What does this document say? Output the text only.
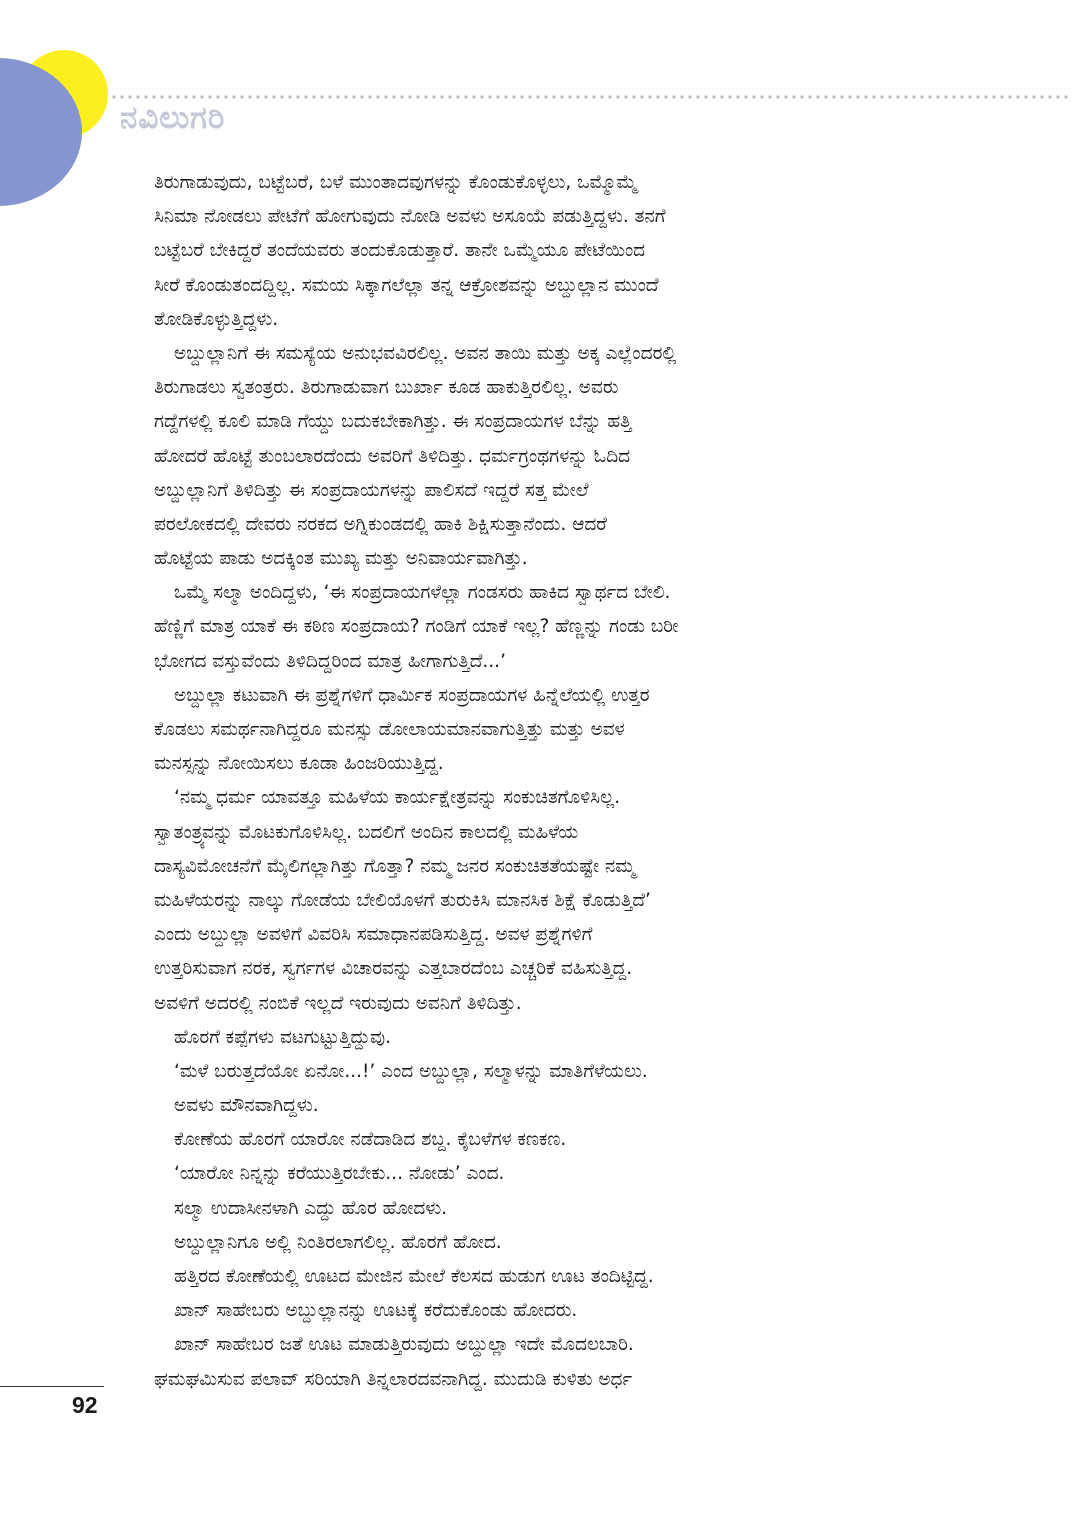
ನವಿಲುಗರಿ
ತಿರುಗಾಡುವುದು, ಬಟ್ಟೆಬರೆ, ಬಳೆ ಮುಂತಾದವುಗಳನ್ನು ಕೊಂಡುಕೊಳ್ಳಲು, ಒಮ್ಮೊಮ್ಮೆ
ಸಿನಿಮಾ ನೋಡಲು ಪೇಟೆಗೆ ಹೋಗುವುದು ನೋಡಿ ಅವಳು ಅಸೂಯೆ ಪಡುತ್ತಿದ್ದಳು. ತನಗೆ
ಬಟ್ಟೆಬರೆ ಬೇಕಿದ್ದರೆ ತಂದೆಯವರು ತಂದುಕೊಡುತ್ತಾರೆ. ತಾನೇ ಒಮ್ಮೆಯೂ ಪೇಟೆಯಿಂದ
ಸೀರೆ ಕೊಂಡುತಂದದ್ದಿಲ್ಲ. ಸಮಯ ಸಿಕ್ಕಾಗಲೆಲ್ಲಾ ತನ್ನ ಆಕ್ರೋಶವನ್ನು ಅಬ್ದುಲ್ಲಾನ ಮುಂದೆ
ತೋಡಿಕೊಳ್ಳುತ್ತಿದ್ದಳು.
ಅಬ್ದುಲ್ಲಾನಿಗೆ ಈ ಸಮಸ್ಯೆಯ ಅನುಭವವಿರಲಿಲ್ಲ. ಅವನ ತಾಯಿ ಮತ್ತು ಅಕ್ಕ ಎಲ್ಲೆಂದರಲ್ಲಿ
ತಿರುಗಾಡಲು ಸ್ವತಂತ್ರರು. ತಿರುಗಾಡುವಾಗ ಬುರ್ಖಾ ಕೂಡ ಹಾಕುತ್ತಿರಲಿಲ್ಲ. ಅವರು
ಗದ್ದೆಗಳಲ್ಲಿ ಕೂಲಿ ಮಾಡಿ ಗೆಯ್ದು ಬದುಕಬೇಕಾಗಿತ್ತು. ಈ ಸಂಪ್ರದಾಯಗಳ ಬೆನ್ನು ಹತ್ತಿ
ಹೋದರೆ ಹೊಟ್ಟೆ ತುಂಬಲಾರದೆಂದು ಅವರಿಗೆ ತಿಳಿದಿತ್ತು. ಧರ್ಮಗ್ರಂಥಗಳನ್ನು ಓದಿದ
ಅಬ್ದುಲ್ಲಾನಿಗೆ ತಿಳಿದಿತ್ತು ಈ ಸಂಪ್ರದಾಯಗಳನ್ನು ಪಾಲಿಸದೆ ಇದ್ದರೆ ಸತ್ತ ಮೇಲೆ
ಪರಲೋಕದಲ್ಲಿ ದೇವರು ನರಕದ ಅಗ್ನಿಕುಂಡದಲ್ಲಿ ಹಾಕಿ ಶಿಕ್ಷಿಸುತ್ತಾನೆಂದು. ಆದರೆ
ಹೊಟ್ಟೆಯ ಪಾಡು ಅದಕ್ಕಿಂತ ಮುಖ್ಯ ಮತ್ತು ಅನಿವಾರ್ಯವಾಗಿತ್ತು.
ಒಮ್ಮೆ ಸಲ್ಮಾ ಅಂದಿದ್ದಳು, ‘ಈ ಸಂಪ್ರದಾಯಗಳೆಲ್ಲಾ ಗಂಡಸರು ಹಾಕಿದ ಸ್ವಾರ್ಥದ ಬೇಲಿ.
ಹೆಣ್ಣಿಗೆ ಮಾತ್ರ ಯಾಕೆ ಈ ಕಠಿಣ ಸಂಪ್ರದಾಯ? ಗಂಡಿಗೆ ಯಾಕೆ ಇಲ್ಲ? ಹೆಣ್ಣನ್ನು ಗಂಡು ಬರೀ
ಭೋಗದ ವಸ್ತುವೆಂದು ತಿಳಿದಿದ್ದರಿಂದ ಮಾತ್ರ ಹೀಗಾಗುತ್ತಿದೆ...’
ಅಬ್ದುಲ್ಲಾ ಕಟುವಾಗಿ ಈ ಪ್ರಶ್ನೆಗಳಿಗೆ ಧಾರ್ಮಿಕ ಸಂಪ್ರದಾಯಗಳ ಹಿನ್ನೆಲೆಯಲ್ಲಿ ಉತ್ತರ
ಕೊಡಲು ಸಮರ್ಥನಾಗಿದ್ದರೂ ಮನಸ್ಸು ಡೋಲಾಯಮಾನವಾಗುತ್ತಿತ್ತು ಮತ್ತು ಅವಳ
ಮನಸ್ಸನ್ನು ನೋಯಿಸಲು ಕೂಡಾ ಹಿಂಜರಿಯುತ್ತಿದ್ದ.
‘ನಮ್ಮ ಧರ್ಮ ಯಾವತ್ತೂ ಮಹಿಳೆಯ ಕಾರ್ಯಕ್ಷೇತ್ರವನ್ನು ಸಂಕುಚಿತಗೊಳಿಸಿಲ್ಲ.
ಸ್ವಾತಂತ್ರ್ಯವನ್ನು ಮೊಟಕುಗೊಳಿಸಿಲ್ಲ. ಬದಲಿಗೆ ಅಂದಿನ ಕಾಲದಲ್ಲಿ ಮಹಿಳೆಯ
ದಾಸ್ಯವಿಮೋಚನೆಗೆ ಮೈಲಿಗಲ್ಲಾಗಿತ್ತು ಗೊತ್ತಾ? ನಮ್ಮ ಜನರ ಸಂಕುಚಿತತೆಯಷ್ಟೇ ನಮ್ಮ
ಮಹಿಳೆಯರನ್ನು ನಾಲ್ಕು ಗೋಡೆಯ ಬೇಲಿಯೊಳಗೆ ತುರುಕಿಸಿ ಮಾನಸಿಕ ಶಿಕ್ಷೆ ಕೊಡುತ್ತಿದೆ’
ಎಂದು ಅಬ್ದುಲ್ಲಾ ಅವಳಿಗೆ ವಿವರಿಸಿ ಸಮಾಧಾನಪಡಿಸುತ್ತಿದ್ದ. ಅವಳ ಪ್ರಶ್ನೆಗಳಿಗೆ
ಉತ್ತರಿಸುವಾಗ ನರಕ, ಸ್ವರ್ಗಗಳ ವಿಚಾರವನ್ನು ಎತ್ತಬಾರದೆಂಬ ಎಚ್ಚರಿಕೆ ವಹಿಸುತ್ತಿದ್ದ.
ಅವಳಿಗೆ ಅದರಲ್ಲಿ ನಂಬಿಕೆ ಇಲ್ಲದೆ ಇರುವುದು ಅವನಿಗೆ ತಿಳಿದಿತ್ತು.
ಹೊರಗೆ ಕಪ್ಪೆಗಳು ವಟಗುಟ್ಟುತ್ತಿದ್ದುವು.
‘ಮಳೆ ಬರುತ್ತದೆಯೋ ಏನೋ...!’ ಎಂದ ಅಬ್ದುಲ್ಲಾ, ಸಲ್ಮಾಳನ್ನು ಮಾತಿಗೆಳೆಯಲು.
ಅವಳು ಮೌನವಾಗಿದ್ದಳು.
ಕೋಣೆಯ ಹೊರಗೆ ಯಾರೋ ನಡೆದಾಡಿದ ಶಬ್ದ. ಕೈಬಳೆಗಳ ಕಣಕಣ.
‘ಯಾರೋ ನಿನ್ನನ್ನು ಕರೆಯುತ್ತಿರಬೇಕು... ನೋಡು’ ಎಂದ.
ಸಲ್ಮಾ ಉದಾಸೀನಳಾಗಿ ಎದ್ದು ಹೊರ ಹೋದಳು.
ಅಬ್ದುಲ್ಲಾನಿಗೂ ಅಲ್ಲಿ ನಿಂತಿರಲಾಗಲಿಲ್ಲ. ಹೊರಗೆ ಹೋದ.
ಹತ್ತಿರದ ಕೋಣೆಯಲ್ಲಿ ಊಟದ ಮೇಜಿನ ಮೇಲೆ ಕೆಲಸದ ಹುಡುಗ ಊಟ ತಂದಿಟ್ಟಿದ್ದ.
ಖಾನ್ ಸಾಹೇಬರು ಅಬ್ದುಲ್ಲಾನನ್ನು ಊಟಕ್ಕೆ ಕರೆದುಕೊಂಡು ಹೋದರು.
ಖಾನ್ ಸಾಹೇಬರ ಜತೆ ಊಟ ಮಾಡುತ್ತಿರುವುದು ಅಬ್ದುಲ್ಲಾ ಇದೇ ಮೊದಲಬಾರಿ.
ಘಮಘಮಿಸುವ ಪಲಾವ್ ಸರಿಯಾಗಿ ತಿನ್ನಲಾರದವನಾಗಿದ್ದ. ಮುದುಡಿ ಕುಳಿತು ಅರ್ಧ
92
